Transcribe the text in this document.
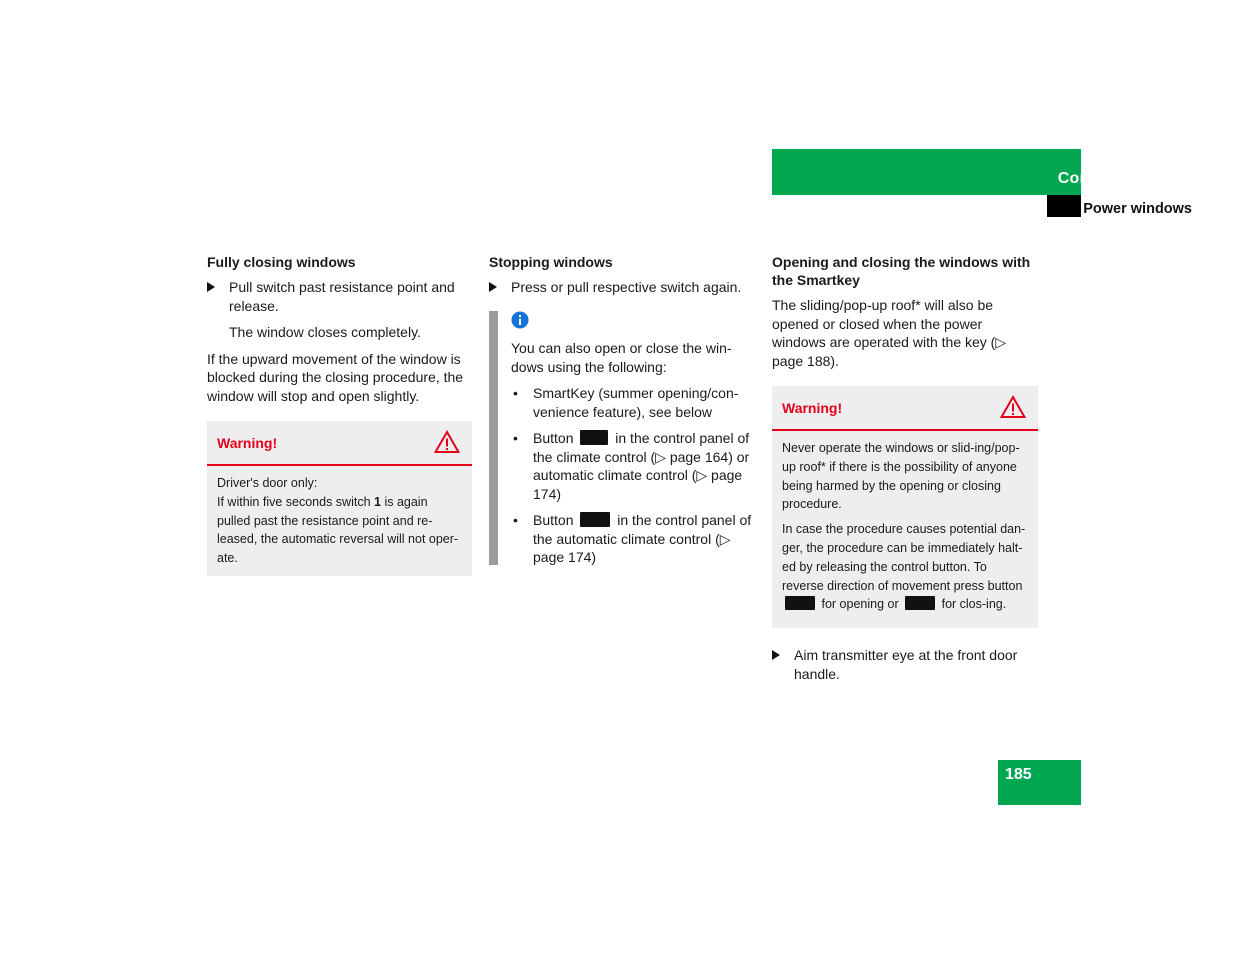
Controls in detail
Power windows
Fully closing windows
Pull switch past resistance point and release.

The window closes completely.

If the upward movement of the window is blocked during the closing procedure, the window will stop and open slightly.

Warning!
Driver's door only:
If within five seconds switch 1 is again pulled past the resistance point and re-leased, the automatic reversal will not oper-ate.
Stopping windows
Press or pull respective switch again.
You can also open or close the win-dows using the following:
• SmartKey (summer opening/con-venience feature), see below
• Button	in the control panel of the climate control (▷ page 164) or automatic climate control (▷ page 174)
• Button	in the control panel of the automatic climate control (▷ page 174)
Opening and closing the windows with the Smartkey

The sliding/pop-up roof* will also be opened or closed when the power windows are operated with the key (▷ page 188).

Warning!

Never operate the windows or slid-ing/pop-up roof* if there is the possibility of anyone being harmed by the opening or closing procedure.

In case the procedure causes potential dan-ger, the procedure can be immediately halt-ed by releasing the control button. To reverse direction of movement press button  for opening or	for clos-ing.

Aim transmitter eye at the front door handle.
185
